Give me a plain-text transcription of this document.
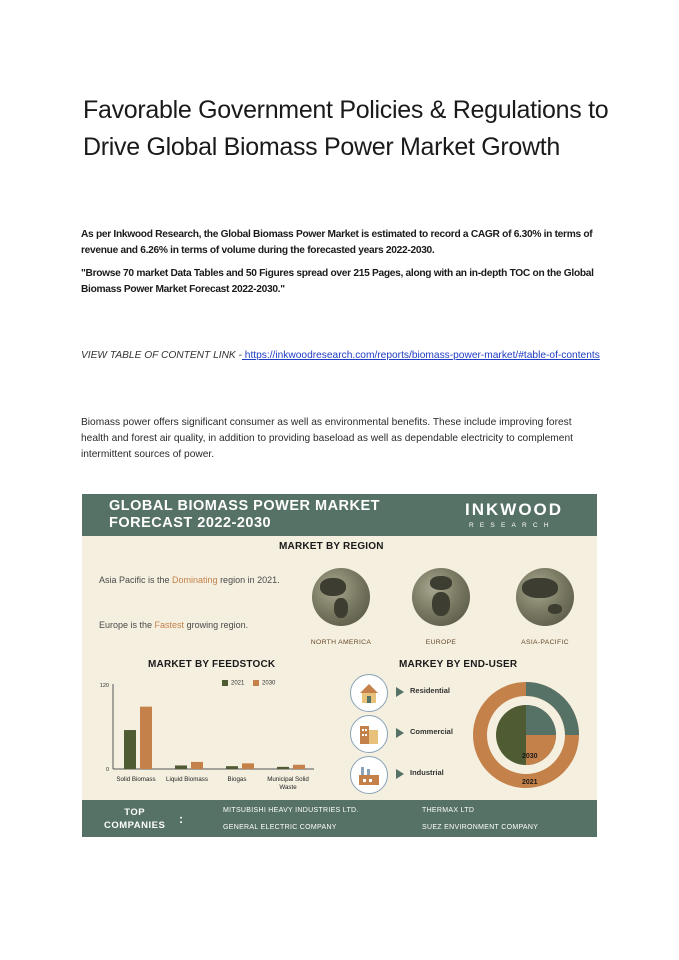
Favorable Government Policies & Regulations to
Drive Global Biomass Power Market Growth
As per Inkwood Research, the Global Biomass Power Market is estimated to record a CAGR of 6.30% in terms of revenue and 6.26% in terms of volume during the forecasted years 2022-2030.
"Browse 70 market Data Tables and 50 Figures spread over 215 Pages, along with an in-depth TOC on the Global Biomass Power Market Forecast 2022-2030."
VIEW TABLE OF CONTENT LINK - https://inkwoodresearch.com/reports/biomass-power-market/#table-of-contents
Biomass power offers significant consumer as well as environmental benefits. These include improving forest health and forest air quality, in addition to providing baseload as well as dependable electricity to complement intermittent sources of power.
GLOBAL BIOMASS POWER MARKET
FORECAST 2022-2030
INKWOOD
RESEARCH
MARKET BY REGION
Asia Pacific is the Dominating region in 2021.
Europe is the Fastest growing region.
NORTH AMERICA	EUROPE	ASIA-PACIFIC
MARKET BY FEEDSTOCK
2021	2030
120
0
Solid Biomass	Liquid Biomass	Biogas	Municipal Solid Waste
MARKEY BY END-USER
Residential
Commercial
Industrial
2030
2021
TOP
COMPANIES :
MITSUBISHI HEAVY INDUSTRIES LTD.	THERMAX LTD
GENERAL ELECTRIC COMPANY	SUEZ ENVIRONMENT COMPANY
